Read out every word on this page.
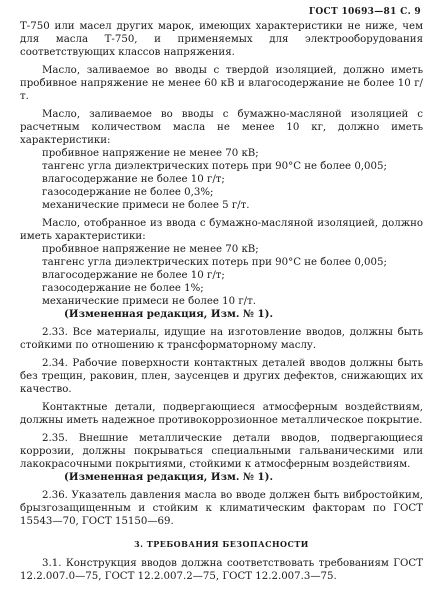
ГОСТ 10693—81 С. 9

Т-750 или масел других марок, имеющих характеристики не ниже, чем для масла Т-750, и применяемых для электрооборудования соответствующих классов напряжения.

Масло, заливаемое во вводы с твердой изоляцией, должно иметь пробивное напряжение не менее 60 кВ и влагосодержание не более 10 г/т.

Масло, заливаемое во вводы с бумажно-масляной изоляцией с расчетным количеством масла не менее 10 кг, должно иметь характеристики:
пробивное напряжение не менее 70 кВ;
тангенс угла диэлектрических потерь при 90°С не более 0,005;
влагосодержание не более 10 г/т;
газосодержание не более 0,3%;
механические примеси не более 5 г/т.

Масло, отобранное из ввода с бумажно-масляной изоляцией, должно иметь характеристики:
пробивное напряжение не менее 70 кВ;
тангенс угла диэлектрических потерь при 90°С не более 0,005;
влагосодержание не более 10 г/т;
газосодержание не более 1%;
механические примеси не более 10 г/т.
(Измененная редакция, Изм. № 1).

2.33. Все материалы, идущие на изготовление вводов, должны быть стойкими по отношению к трансформаторному маслу.

2.34. Рабочие поверхности контактных деталей вводов должны быть без трещин, раковин, плен, заусенцев и других дефектов, снижающих их качество.

Контактные детали, подвергающиеся атмосферным воздействиям, должны иметь надежное противокоррозионное металлическое покрытие.

2.35. Внешние металлические детали вводов, подвергающиеся коррозии, должны покрываться специальными гальваническими или лакокрасочными покрытиями, стойкими к атмосферным воздействиям.
(Измененная редакция, Изм. № 1).

2.36. Указатель давления масла во вводе должен быть вибростойким, брызгозащищенным и стойким к климатическим факторам по ГОСТ 15543—70, ГОСТ 15150—69.

3. ТРЕБОВАНИЯ БЕЗОПАСНОСТИ

3.1. Конструкция вводов должна соответствовать требованиям ГОСТ 12.2.007.0—75, ГОСТ 12.2.007.2—75, ГОСТ 12.2.007.3—75.
